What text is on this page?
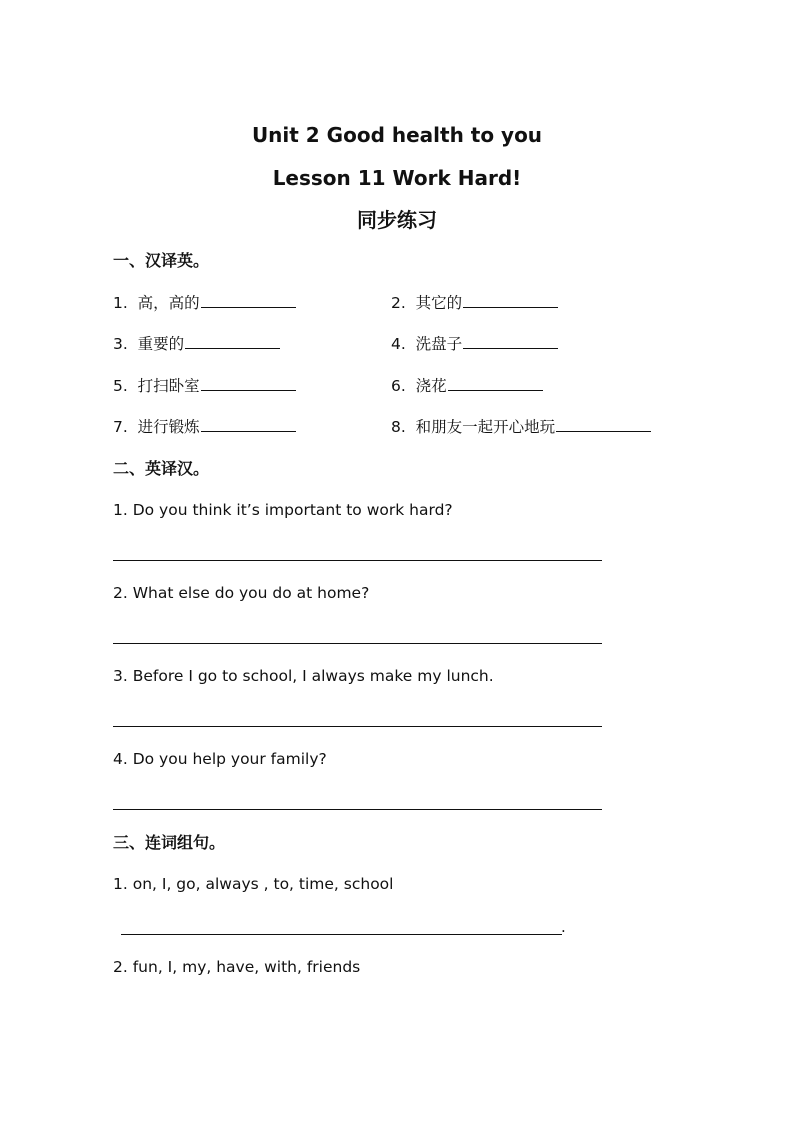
Unit 2 Good health to you
Lesson 11 Work Hard!
同步练习
一、汉译英。
1. 高，高的	2. 其它的
3. 重要的	4. 洗盘子
5. 打扫卧室	6. 浇花
7. 进行锻炼	8. 和朋友一起开心地玩
二、英译汉。
1. Do you think it’s important to work hard?
2. What else do you do at home?
3. Before I go to school, I always make my lunch.
4. Do you help your family?
三、连词组句。
1. on, I, go, always , to, time, school
.
2. fun, I, my, have, with, friends
